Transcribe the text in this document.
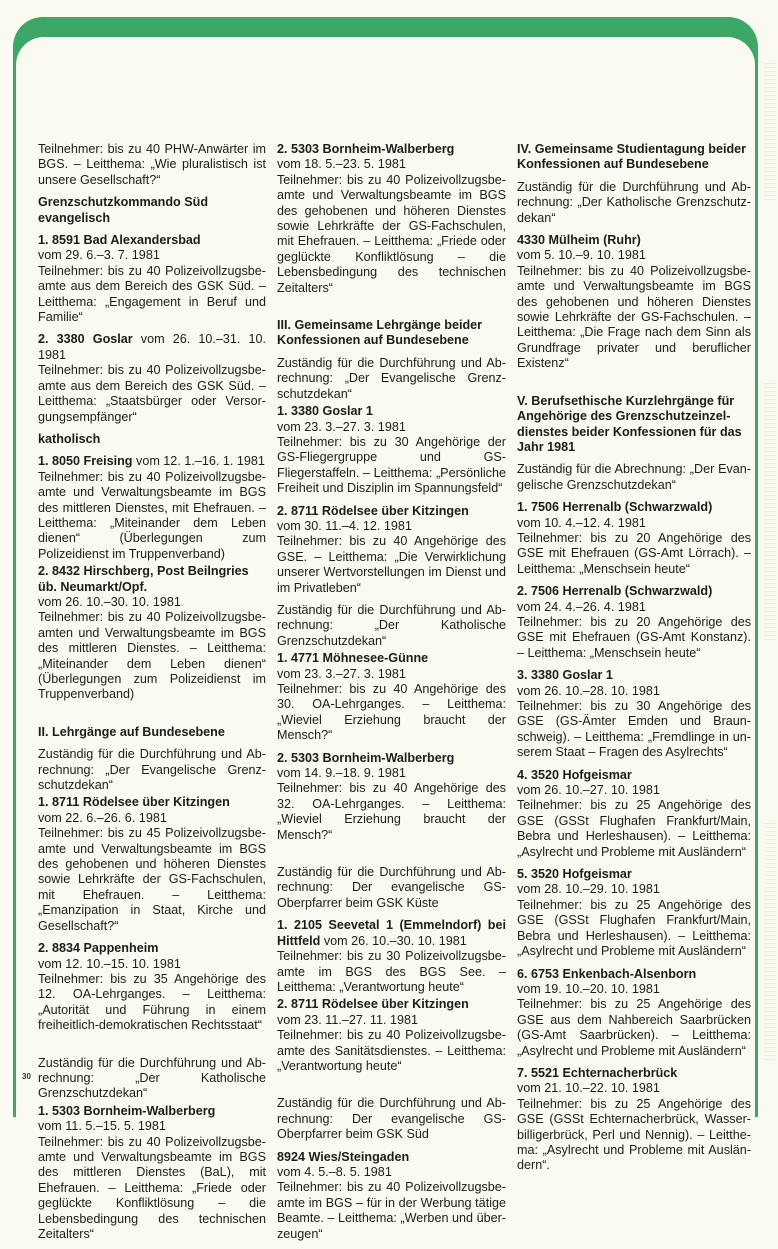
Teilnehmer: bis zu 40 PHW-Anwärter im BGS. – Leitthema: „Wie pluralistisch ist unsere Gesellschaft?“
Grenzschutzkommando Süd evangelisch
1. 8591 Bad Alexandersbad
vom 29. 6.–3. 7. 1981
Teilnehmer: bis zu 40 Polizeivollzugsbeamte aus dem Bereich des GSK Süd. – Leitthema: „Engagement in Beruf und Familie“
2. 3380 Goslar vom 26. 10.–31. 10. 1981
Teilnehmer: bis zu 40 Polizeivollzugsbeamte aus dem Bereich des GSK Süd. – Leitthema: „Staatsbürger oder Versorgungsempfänger“
katholisch
1. 8050 Freising vom 12. 1.–16. 1. 1981
Teilnehmer: bis zu 40 Polizeivollzugsbeamte und Verwaltungsbeamte im BGS des mittleren Dienstes, mit Ehefrauen. – Leitthema: „Miteinander dem Leben dienen“ (Überlegungen zum Polizeidienst im Truppenverband)
2. 8432 Hirschberg, Post Beilngries üb. Neumarkt/Opf.
vom 26. 10.–30. 10. 1981
Teilnehmer: bis zu 40 Polizeivollzugsbeamten und Verwaltungsbeamte im BGS des mittleren Dienstes. – Leitthema: „Miteinander dem Leben dienen“ (Überlegungen zum Polizeidienst im Truppenverband)
II. Lehrgänge auf Bundesebene
Zuständig für die Durchführung und Abrechnung: „Der Evangelische Grenzschutzdekan“
1. 8711 Rödelsee über Kitzingen
vom 22. 6.–26. 6. 1981
Teilnehmer: bis zu 45 Polizeivollzugsbeamte und Verwaltungsbeamte im BGS des gehobenen und höheren Dienstes sowie Lehrkräfte der GS-Fachschulen, mit Ehefrauen. – Leitthema: „Emanzipation in Staat, Kirche und Gesellschaft?“
2. 8834 Pappenheim
vom 12. 10.–15. 10. 1981
Teilnehmer: bis zu 35 Angehörige des 12. OA-Lehrganges. – Leitthema: „Autorität und Führung in einem freiheitlich-demokratischen Rechtsstaat“
Zuständig für die Durchführung und Abrechnung: „Der Katholische Grenzschutzdekan“
1. 5303 Bornheim-Walberberg
vom 11. 5.–15. 5. 1981
Teilnehmer: bis zu 40 Polizeivollzugsbeamte und Verwaltungsbeamte im BGS des mittleren Dienstes (BaL), mit Ehefrauen. – Leitthema: „Friede oder geglückte Konfliktlösung – die Lebensbedingung des technischen Zeitalters“
2. 5303 Bornheim-Walberberg
vom 18. 5.–23. 5. 1981
Teilnehmer: bis zu 40 Polizeivollzugsbeamte und Verwaltungsbeamte im BGS des gehobenen und höheren Dienstes sowie Lehrkräfte der GS-Fachschulen, mit Ehefrauen. – Leitthema: „Friede oder geglückte Konfliktlösung – die Lebensbedingung des technischen Zeitalters“
III. Gemeinsame Lehrgänge beider Konfessionen auf Bundesebene
Zuständig für die Durchführung und Abrechnung: „Der Evangelische Grenzschutzdekan“
1. 3380 Goslar 1
vom 23. 3.–27. 3. 1981
Teilnehmer: bis zu 30 Angehörige der GS-Fliegergruppe und GS-Fliegerstaffeln. – Leitthema: „Persönliche Freiheit und Disziplin im Spannungsfeld“
2. 8711 Rödelsee über Kitzingen
vom 30. 11.–4. 12. 1981
Teilnehmer: bis zu 40 Angehörige des GSE. – Leitthema: „Die Verwirklichung unserer Wertvorstellungen im Dienst und im Privatleben“
Zuständig für die Durchführung und Abrechnung: „Der Katholische Grenzschutzdekan“
1. 4771 Möhnesee-Günne
vom 23. 3.–27. 3. 1981
Teilnehmer: bis zu 40 Angehörige des 30. OA-Lehrganges. – Leitthema: „Wieviel Erziehung braucht der Mensch?“
2. 5303 Bornheim-Walberberg
vom 14. 9.–18. 9. 1981
Teilnehmer: bis zu 40 Angehörige des 32. OA-Lehrganges. – Leitthema: „Wieviel Erziehung braucht der Mensch?“
Zuständig für die Durchführung und Abrechnung: Der evangelische GS-Oberpfarrer beim GSK Küste
1. 2105 Seevetal 1 (Emmelndorf) bei Hittfeld vom 26. 10.–30. 10. 1981
Teilnehmer: bis zu 30 Polizeivollzugsbeamte im BGS des BGS See. – Leitthema: „Verantwortung heute“
2. 8711 Rödelsee über Kitzingen
vom 23. 11.–27. 11. 1981
Teilnehmer: bis zu 40 Polizeivollzugsbeamte des Sanitätsdienstes. – Leitthema: „Verantwortung heute“
Zuständig für die Durchführung und Abrechnung: Der evangelische GS-Oberpfarrer beim GSK Süd
8924 Wies/Steingaden
vom 4. 5.–8. 5. 1981
Teilnehmer: bis zu 40 Polizeivollzugsbeamte im BGS – für in der Werbung tätige Beamte. – Leitthema: „Werben und überzeugen“
IV. Gemeinsame Studientagung beider Konfessionen auf Bundesebene
Zuständig für die Durchführung und Abrechnung: „Der Katholische Grenzschutzdekan“
4330 Mülheim (Ruhr)
vom 5. 10.–9. 10. 1981
Teilnehmer: bis zu 40 Polizeivollzugsbeamte und Verwaltungsbeamte im BGS des gehobenen und höheren Dienstes sowie Lehrkräfte der GS-Fachschulen. – Leitthema: „Die Frage nach dem Sinn als Grundfrage privater und beruflicher Existenz“
V. Berufsethische Kurzlehrgänge für Angehörige des Grenzschutzeinzeldienstes beider Konfessionen für das Jahr 1981
Zuständig für die Abrechnung: „Der Evangelische Grenzschutzdekan“
1. 7506 Herrenalb (Schwarzwald)
vom 10. 4.–12. 4. 1981
Teilnehmer: bis zu 20 Angehörige des GSE mit Ehefrauen (GS-Amt Lörrach). – Leitthema: „Menschsein heute“
2. 7506 Herrenalb (Schwarzwald)
vom 24. 4.–26. 4. 1981
Teilnehmer: bis zu 20 Angehörige des GSE mit Ehefrauen (GS-Amt Konstanz). – Leitthema: „Menschsein heute“
3. 3380 Goslar 1
vom 26. 10.–28. 10. 1981
Teilnehmer: bis zu 30 Angehörige des GSE (GS-Ämter Emden und Braunschweig). – Leitthema: „Fremdlinge in unserem Staat – Fragen des Asylrechts“
4. 3520 Hofgeismar
vom 26. 10.–27. 10. 1981
Teilnehmer: bis zu 25 Angehörige des GSE (GSSt Flughafen Frankfurt/Main, Bebra und Herleshausen). – Leitthema: „Asylrecht und Probleme mit Ausländern“
5. 3520 Hofgeismar
vom 28. 10.–29. 10. 1981
Teilnehmer: bis zu 25 Angehörige des GSE (GSSt Flughafen Frankfurt/Main, Bebra und Herleshausen). – Leitthema: „Asylrecht und Probleme mit Ausländern“
6. 6753 Enkenbach-Alsenborn
vom 19. 10.–20. 10. 1981
Teilnehmer: bis zu 25 Angehörige des GSE aus dem Nahbereich Saarbrücken (GS-Amt Saarbrücken). – Leitthema: „Asylrecht und Probleme mit Ausländern“
7. 5521 Echternacherbrück
vom 21. 10.–22. 10. 1981
Teilnehmer: bis zu 25 Angehörige des GSE (GSSt Echternacherbrück, Wasserbilligerbrück, Perl und Nennig). – Leitthema: „Asylrecht und Probleme mit Ausländern“.
30
